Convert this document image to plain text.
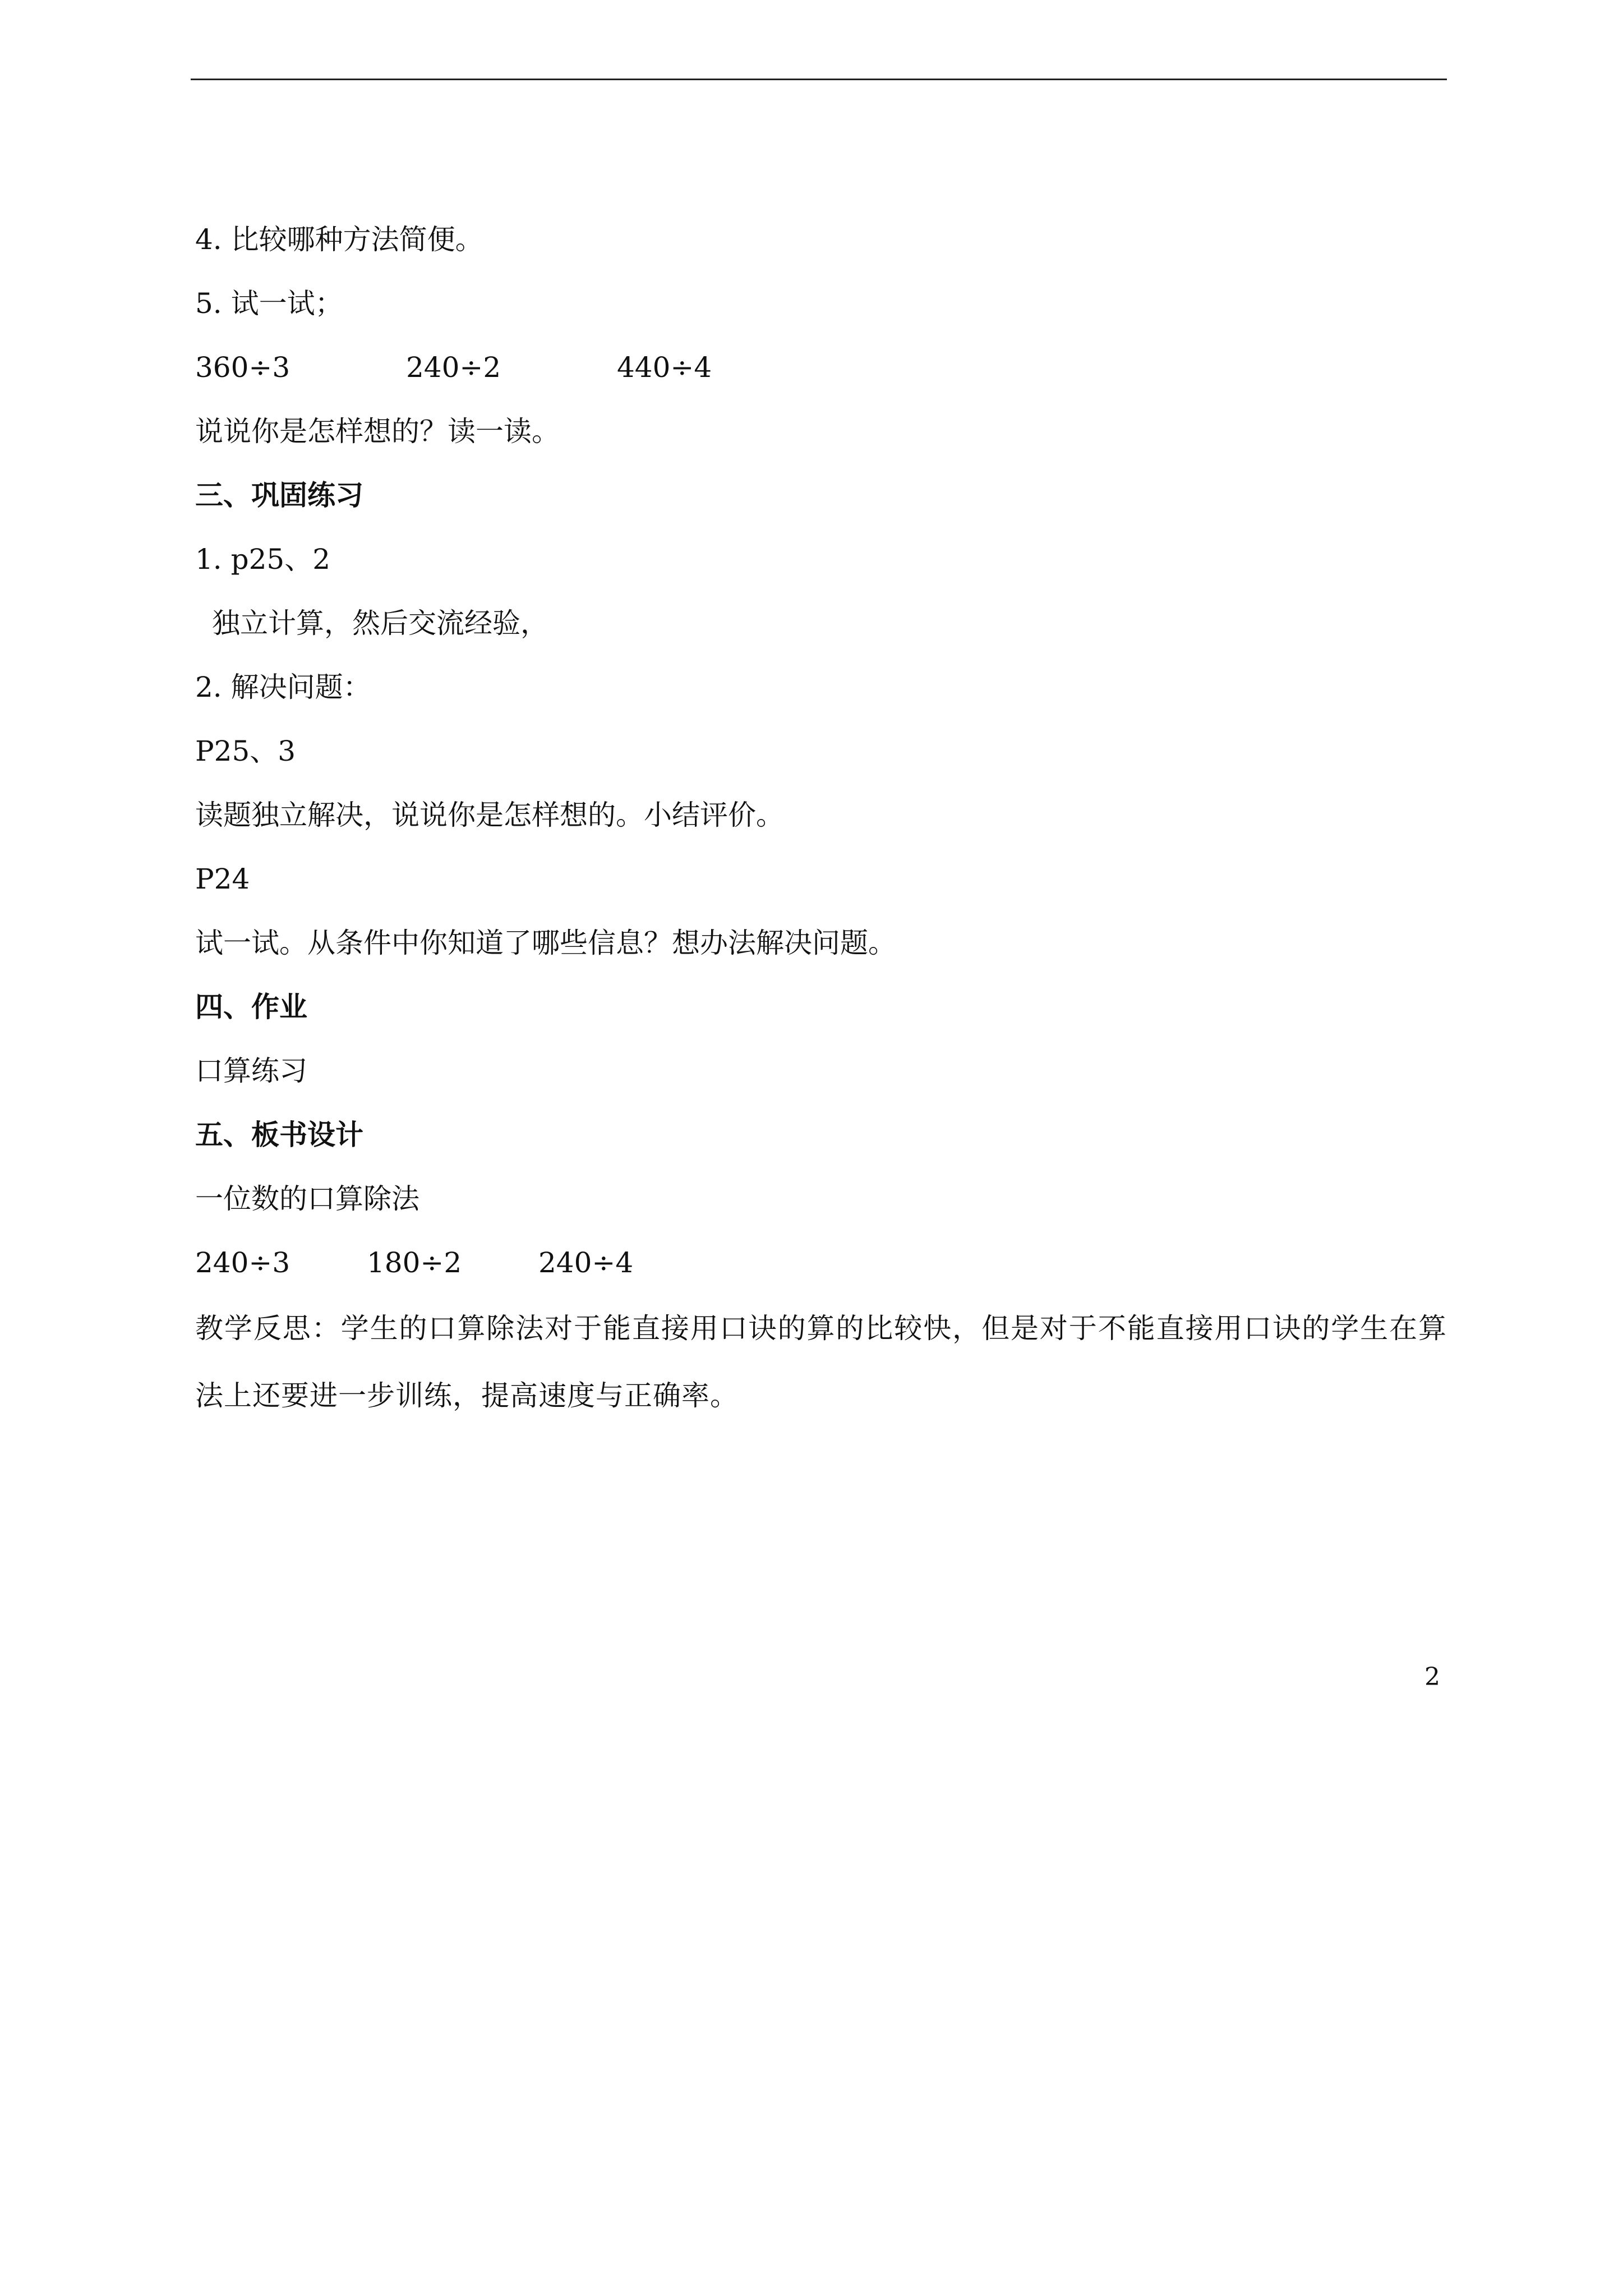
4. 比较哪种方法简便。

5. 试一试；

360÷3	240÷2	440÷4

说说你是怎样想的？读一读。

三、巩固练习

1. p25、2

独立计算，然后交流经验，

2. 解决问题：

P25、3

读题独立解决，说说你是怎样想的。小结评价。

P24

试一试。从条件中你知道了哪些信息？想办法解决问题。

四、作业

口算练习

五、板书设计

一位数的口算除法

240÷3	180÷2	240÷4

教学反思：学生的口算除法对于能直接用口诀的算的比较快，但是对于不能直接用口诀的学生在算法上还要进一步训练，提高速度与正确率。

2
